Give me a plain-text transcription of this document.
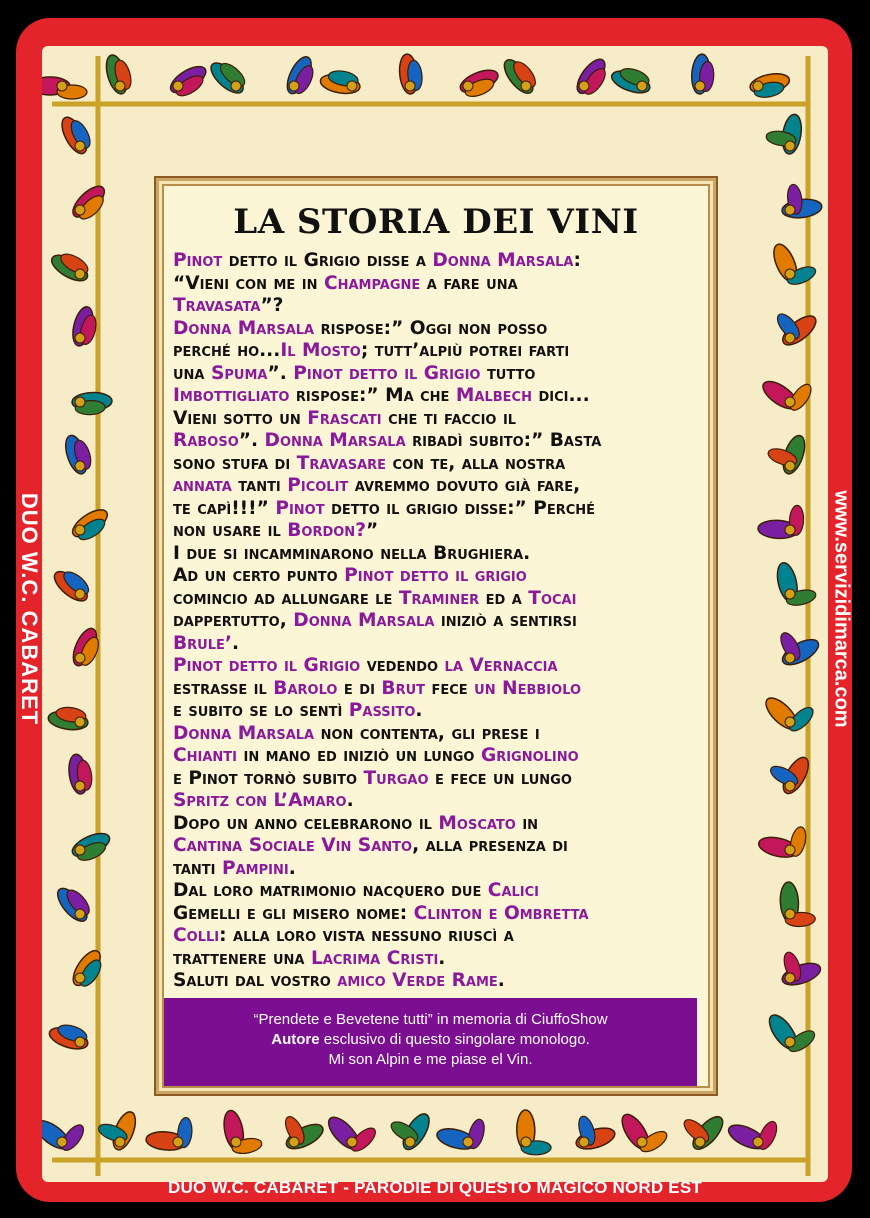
DUO W.C. CABARET	www.servizidimarca.com
LA STORIA DEI VINI
Pinot detto il Grigio disse a Donna Marsala:
“Vieni con me in Champagne a fare una
Travasata”?
Donna Marsala rispose:” Oggi non posso
perché ho...Il Mosto; tutt’alpiù potrei farti
una Spuma”. Pinot detto il Grigio tutto
Imbottigliato rispose:” Ma che Malbech dici...
Vieni sotto un Frascati che ti faccio il
Raboso”. Donna Marsala ribadì subito:” Basta
sono stufa di Travasare con te, alla nostra
annata tanti Picolit avremmo dovuto già fare,
te capì!!!” Pinot detto il grigio disse:” Perché
non usare il Bordon?”
I due si incamminarono nella Brughiera.
Ad un certo punto Pinot detto il grigio
comincio ad allungare le Traminer ed a Tocai
dappertutto, Donna Marsala iniziò a sentirsi
Brule’.
Pinot detto il Grigio vedendo la Vernaccia
estrasse il Barolo e di Brut fece un Nebbiolo
e subito se lo sentì Passito.
Donna Marsala non contenta, gli prese i
Chianti in mano ed iniziò un lungo Grignolino
e Pinot tornò subito Turgao e fece un lungo
Spritz con L’Amaro.
Dopo un anno celebrarono il Moscato in
Cantina Sociale Vin Santo, alla presenza di
tanti Pampini.
Dal loro matrimonio nacquero due Calici
Gemelli e gli misero nome: Clinton e Ombretta
Colli: alla loro vista nessuno riuscì a
trattenere una Lacrima Cristi.
Saluti dal vostro amico Verde Rame.
“Prendete e Bevetene tutti” in memoria di CiuffoShow
Autore esclusivo di questo singolare monologo.
Mi son Alpin e me piase el Vin.
DUO W.C. CABARET - PARODIE DI QUESTO MAGICO NORD EST
